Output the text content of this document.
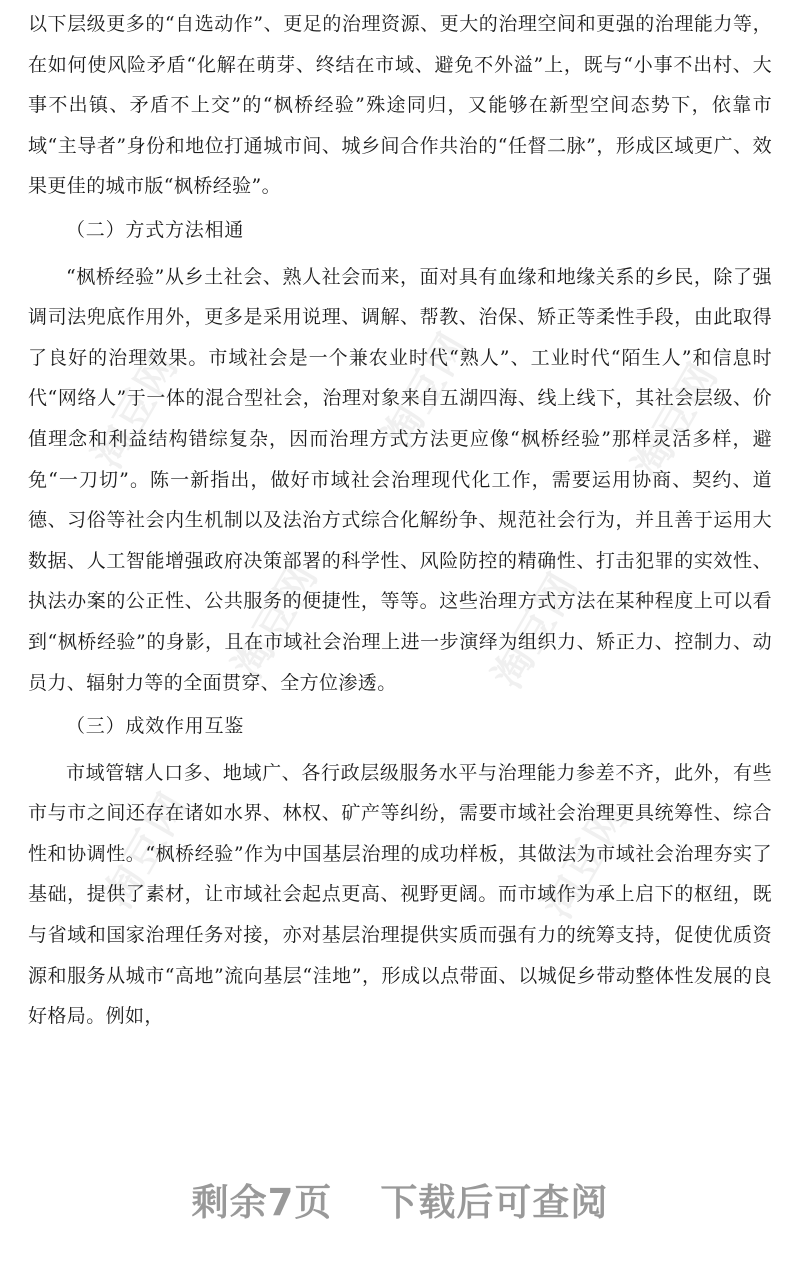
淘豆网	淘豆网	淘豆网
淘豆网	淘豆网
淘豆网	淘豆网

以下层级更多的“自选动作”、更足的治理资源、更大的治理空间和更强的治理能力等，在如何使风险矛盾“化解在萌芽、终结在市域、避免不外溢”上，既与“小事不出村、大事不出镇、矛盾不上交”的“枫桥经验”殊途同归，又能够在新型空间态势下，依靠市域“主导者”身份和地位打通城市间、城乡间合作共治的“任督二脉”，形成区域更广、效果更佳的城市版“枫桥经验”。

（二）方式方法相通

“枫桥经验”从乡土社会、熟人社会而来，面对具有血缘和地缘关系的乡民，除了强调司法兜底作用外，更多是采用说理、调解、帮教、治保、矫正等柔性手段，由此取得了良好的治理效果。市域社会是一个兼农业时代“熟人”、工业时代“陌生人”和信息时代“网络人”于一体的混合型社会，治理对象来自五湖四海、线上线下，其社会层级、价值理念和利益结构错综复杂，因而治理方式方法更应像“枫桥经验”那样灵活多样，避免“一刀切”。陈一新指出，做好市域社会治理现代化工作，需要运用协商、契约、道德、习俗等社会内生机制以及法治方式综合化解纷争、规范社会行为，并且善于运用大数据、人工智能增强政府决策部署的科学性、风险防控的精确性、打击犯罪的实效性、执法办案的公正性、公共服务的便捷性，等等。这些治理方式方法在某种程度上可以看到“枫桥经验”的身影，且在市域社会治理上进一步演绎为组织力、矫正力、控制力、动员力、辐射力等的全面贯穿、全方位渗透。

（三）成效作用互鉴

市域管辖人口多、地域广、各行政层级服务水平与治理能力参差不齐，此外，有些市与市之间还存在诸如水界、林权、矿产等纠纷，需要市域社会治理更具统筹性、综合性和协调性。“枫桥经验”作为中国基层治理的成功样板，其做法为市域社会治理夯实了基础，提供了素材，让市域社会起点更高、视野更阔。而市域作为承上启下的枢纽，既与省域和国家治理任务对接，亦对基层治理提供实质而强有力的统筹支持，促使优质资源和服务从城市“高地”流向基层“洼地”，形成以点带面、以城促乡带动整体性发展的良好格局。例如，

剩余7页 下载后可查阅
